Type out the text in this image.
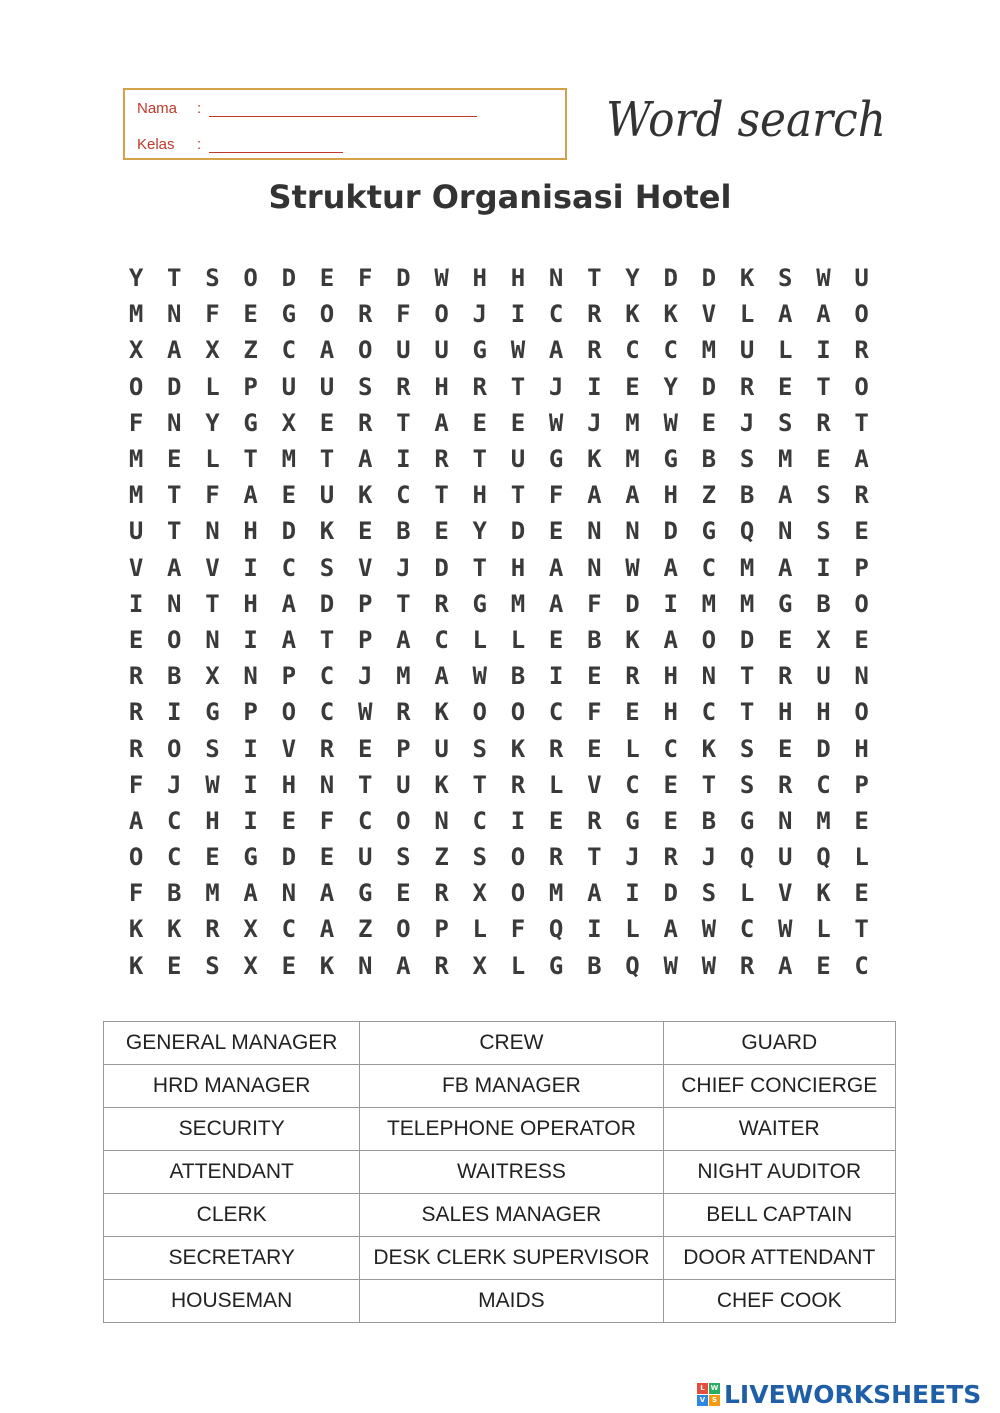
Nama	:
Kelas	:	Word search
Struktur Organisasi Hotel
Y T S O D E F D W H H N T Y D D K S W U
M N F E G O R F O J I C R K K V L A A O
X A X Z C A O U U G W A R C C M U L I R
O D L P U U S R H R T J I E Y D R E T O
F N Y G X E R T A E E W J M W E J S R T
M E L T M T A I R T U G K M G B S M E A
M T F A E U K C T H T F A A H Z B A S R
U T N H D K E B E Y D E N N D G Q N S E
V A V I C S V J D T H A N W A C M A I P
I N T H A D P T R G M A F D I M M G B O
E O N I A T P A C L L E B K A O D E X E
R B X N P C J M A W B I E R H N T R U N
R I G P O C W R K O O C F E H C T H H O
R O S I V R E P U S K R E L C K S E D H
F J W I H N T U K T R L V C E T S R C P
A C H I E F C O N C I E R G E B G N M E
O C E G D E U S Z S O R T J R J Q U Q L
F B M A N A G E R X O M A I D S L V K E
K K R X C A Z O P L F Q I L A W C W L T
K E S X E K N A R X L G B Q W W R A E C
GENERAL MANAGER	CREW	GUARD
HRD MANAGER	FB MANAGER	CHIEF CONCIERGE
SECURITY	TELEPHONE OPERATOR	WAITER
ATTENDANT	WAITRESS	NIGHT AUDITOR
CLERK	SALES MANAGER	BELL CAPTAIN
SECRETARY	DESK CLERK SUPERVISOR	DOOR ATTENDANT
HOUSEMAN	MAIDS	CHEF COOK
L W
V S LIVEWORKSHEETS
